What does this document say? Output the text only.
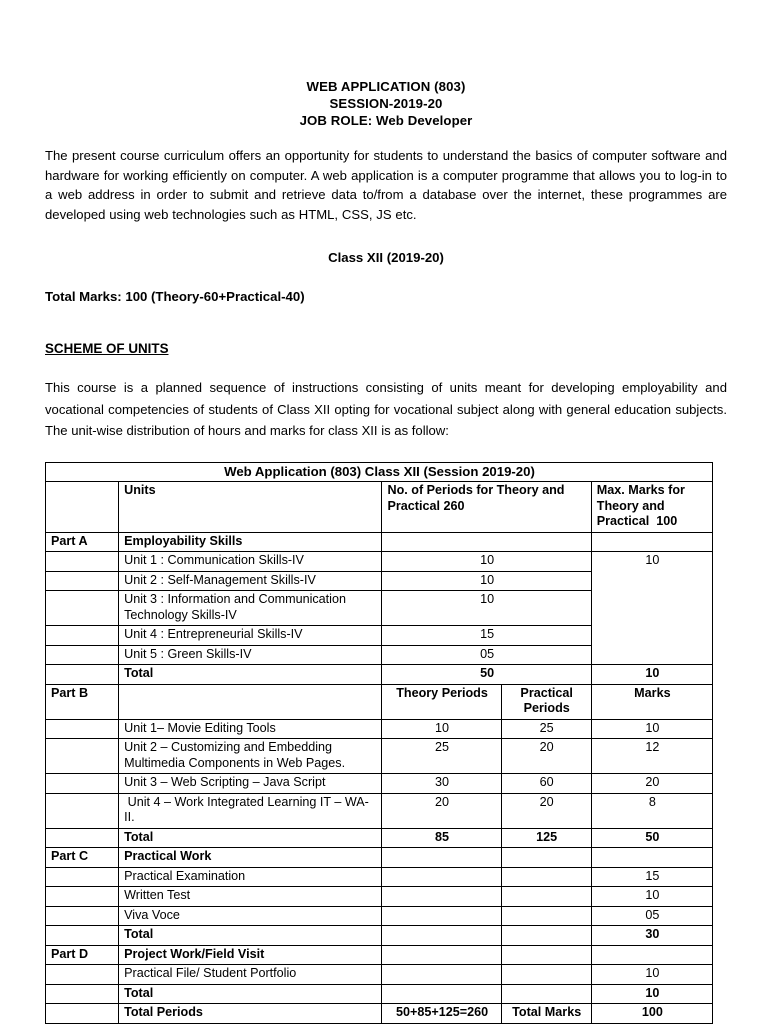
WEB APPLICATION (803)
SESSION-2019-20
JOB ROLE: Web Developer

The present course curriculum offers an opportunity for students to understand the basics of computer software and hardware for working efficiently on computer. A web application is a computer programme that allows you to log-in to a web address in order to submit and retrieve data to/from a database over the internet, these programmes are developed using web technologies such as HTML, CSS, JS etc.

Class XII (2019-20)
Total Marks: 100 (Theory-60+Practical-40)
SCHEME OF UNITS

This course is a planned sequence of instructions consisting of units meant for developing employability and vocational competencies of students of Class XII opting for vocational subject along with general education subjects. The unit-wise distribution of hours and marks for class XII is as follow:

Web Application (803) Class XII (Session 2019-20)				
	Units	No. of Periods for Theory and Practical 260		Max. Marks for Theory and Practical  100
Part A	Employability Skills			
	Unit 1 : Communication Skills-IV	10		10
	Unit 2 : Self-Management Skills-IV	10		
	Unit 3 : Information and Communication Technology Skills-IV	10		
	Unit 4 : Entrepreneurial Skills-IV	15		
	Unit 5 : Green Skills-IV	05		
	Total	50		10
Part B		Theory Periods	Practical Periods	Marks
	Unit 1– Movie Editing Tools	10	25	10
	Unit 2 – Customizing and Embedding Multimedia Components in Web Pages.	25	20	12
	Unit 3 – Web Scripting – Java Script	30	60	20
	Unit 4 – Work Integrated Learning IT – WA-II.	20	20	8
	Total	85	125	50
Part C	Practical Work			
	Practical Examination			15
	Written Test			10
	Viva Voce			05
	Total			30
Part D	Project Work/Field Visit			
	Practical File/ Student Portfolio			10
	Total			10
	Total Periods	50+85+125=260	Total Marks	100
